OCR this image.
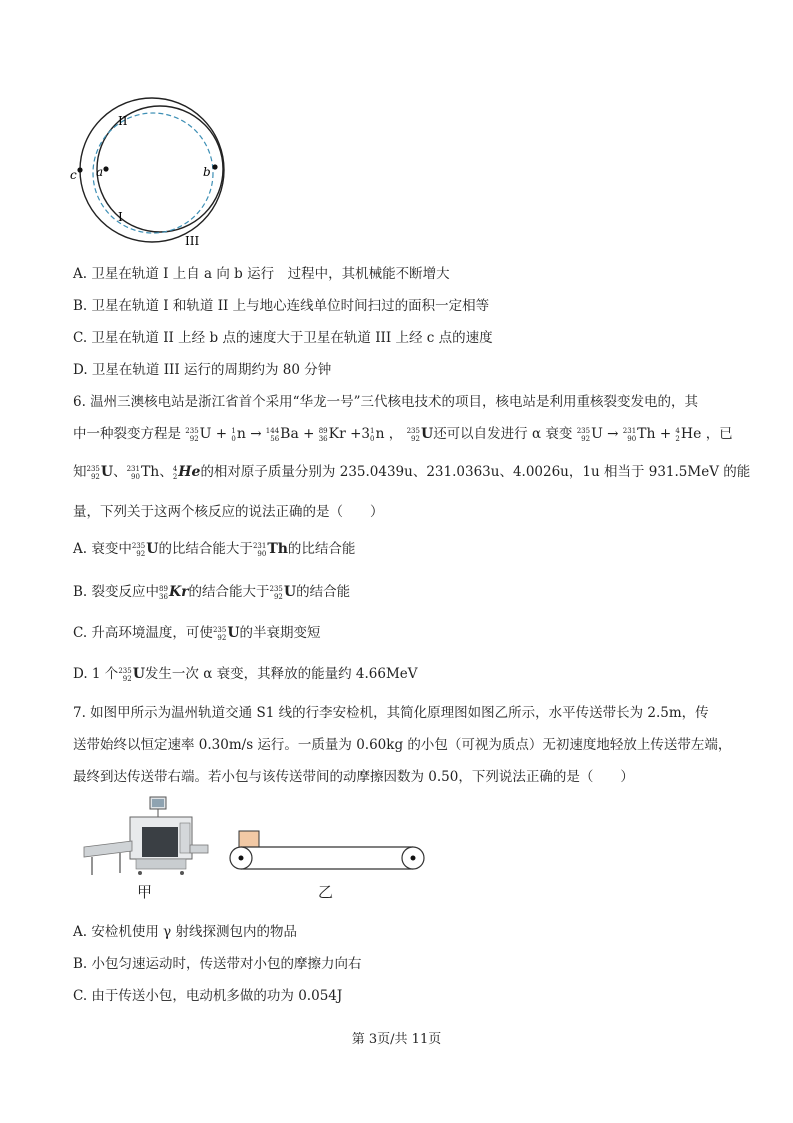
II
I
III
a	b
c
A. 卫星在轨道 I 上自 a 向 b 运行　过程中，其机械能不断增大
B. 卫星在轨道 I 和轨道 II 上与地心连线单位时间扫过的面积一定相等
C. 卫星在轨道 II 上经 b 点的速度大于卫星在轨道 III 上经 c 点的速度
D. 卫星在轨道 III 运行的周期约为 80 分钟
6. 温州三澳核电站是浙江省首个采用“华龙一号”三代核电技术的项目，核电站是利用重核裂变发电的，其
中一种裂变方程是 235
92 U + 1
0 n → 144
56 Ba + 89
36 Kr +3 1
0 n ， 235
92 U还可以自发进行 α 衰变 235
92 U → 231
90 Th + 4
2 He ，已
知 235
92 U、 231
90 Th、 4
2 He的相对原子质量分别为 235.0439u、231.0363u、4.0026u，1u 相当于 931.5MeV 的能
量，下列关于这两个核反应的说法正确的是（　　）
A. 衰变中 235
92 U的比结合能大于 231
90 Th的比结合能
B. 裂变反应中 89
36 Kr的结合能大于 235
92 U的结合能
C. 升高环境温度，可使 235
92 U的半衰期变短
D. 1 个 235
92 U发生一次 α 衰变，其释放的能量约 4.66MeV
7. 如图甲所示为温州轨道交通 S1 线的行李安检机，其简化原理图如图乙所示，水平传送带长为 2.5m，传
送带始终以恒定速率 0.30m/s 运行。一质量为 0.60kg 的小包（可视为质点）无初速度地轻放上传送带左端，
最终到达传送带右端。若小包与该传送带间的动摩擦因数为 0.50，下列说法正确的是（　　）
甲	乙
A. 安检机使用 γ 射线探测包内的物品
B. 小包匀速运动时，传送带对小包的摩擦力向右
C. 由于传送小包，电动机多做的功为 0.054J
第 3页/共 11页
